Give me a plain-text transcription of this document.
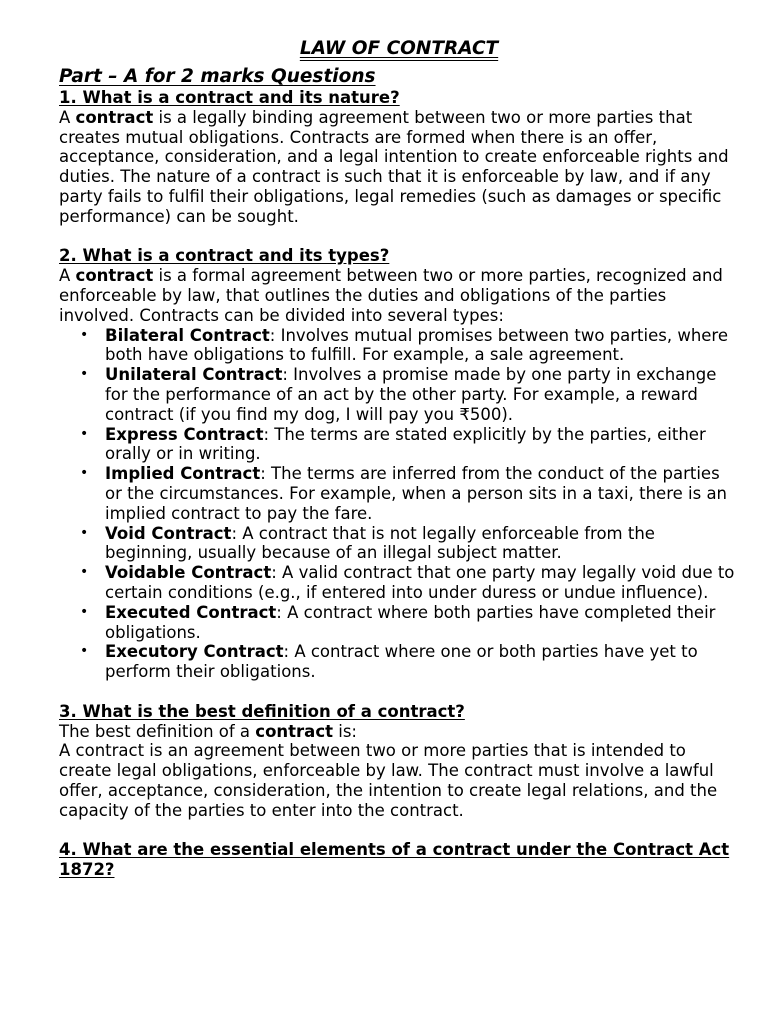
LAW OF CONTRACT

Part – A for 2 marks Questions

1. What is a contract and its nature?

A contract is a legally binding agreement between two or more parties that creates mutual obligations. Contracts are formed when there is an offer, acceptance, consideration, and a legal intention to create enforceable rights and duties. The nature of a contract is such that it is enforceable by law, and if any party fails to fulfil their obligations, legal remedies (such as damages or specific performance) can be sought.

2. What is a contract and its types?

A contract is a formal agreement between two or more parties, recognized and enforceable by law, that outlines the duties and obligations of the parties involved. Contracts can be divided into several types:

• Bilateral Contract: Involves mutual promises between two parties, where both have obligations to fulfill. For example, a sale agreement.
• Unilateral Contract: Involves a promise made by one party in exchange for the performance of an act by the other party. For example, a reward contract (if you find my dog, I will pay you ₹500).
• Express Contract: The terms are stated explicitly by the parties, either orally or in writing.
• Implied Contract: The terms are inferred from the conduct of the parties or the circumstances. For example, when a person sits in a taxi, there is an implied contract to pay the fare.
• Void Contract: A contract that is not legally enforceable from the beginning, usually because of an illegal subject matter.
• Voidable Contract: A valid contract that one party may legally void due to certain conditions (e.g., if entered into under duress or undue influence).
• Executed Contract: A contract where both parties have completed their obligations.
• Executory Contract: A contract where one or both parties have yet to perform their obligations.

3. What is the best definition of a contract?

The best definition of a contract is:

A contract is an agreement between two or more parties that is intended to create legal obligations, enforceable by law. The contract must involve a lawful offer, acceptance, consideration, the intention to create legal relations, and the capacity of the parties to enter into the contract.

4. What are the essential elements of a contract under the Contract Act 1872?
